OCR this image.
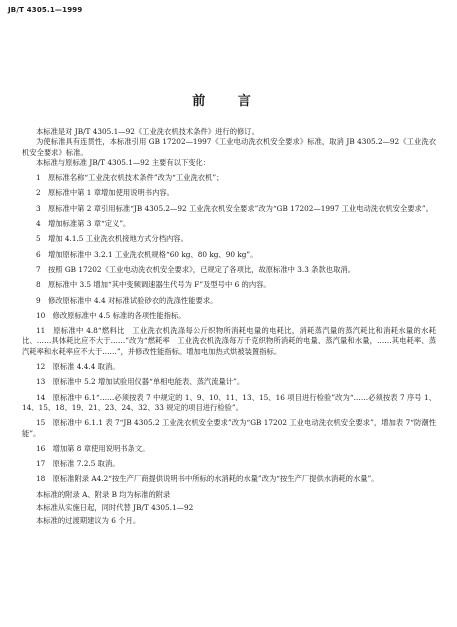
JB/T 4305.1—1999
前 言

本标准是对 JB/T 4305.1—92《工业洗衣机技术条件》进行的修订。

为使标准具有连贯性，本标准引用 GB 17202—1997《工业电动洗衣机安全要求》标准，取消 JB 4305.2—92《工业洗衣机安全要求》标准。

本标准与原标准 JB/T 4305.1—92 主要有以下变化：

1　原标准名称“工业洗衣机技术条件”改为“工业洗衣机”；

2　原标准中第 1 章增加使用说明书内容。

3　原标准中第 2 章引用标准“JB 4305.2—92 工业洗衣机安全要求”改为“GB 17202—1997 工业电动洗衣机安全要求”。

4　增加标准第 3 章“定义”。

5　增加 4.1.5 工业洗衣机接地方式分档内容。

6　增加原标准中 3.2.1 工业洗衣机规格“60 kg、80 kg、90 kg”。

7　按照 GB 17202《工业电动洗衣机安全要求》，已规定了各项比，故原标准中 3.3 条款也取消。

8　原标准中 3.5 增加“其中变频调速器生代号为 F”及型号中 6 的内容。

9　修改原标准中 4.4 对标准试验砂衣的洗涤性能要求。

10　修改原标准中 4.5 标准的各项性能指标。

11　原标准中 4.8“燃料比　工业洗衣机洗涤每公斤织物所消耗电量的电耗比，消耗蒸汽量的蒸汽耗比和消耗水量的水耗比、……具体耗比应不大于……”改为“燃耗率　工业洗衣机洗涤每万千克织物所消耗的电量、蒸汽量和水量，……其电耗率、蒸汽耗率和水耗率应不大于……”，并修改性能指标。增加电加热式烘被装置指标。

12　原标准 4.4.4 取消。

13　原标准中 5.2 增加试验用仪器“单相电能表、蒸汽流量计”。

14　原标准中 6.1“……必须按表 7 中规定的 1、9、10、11、13、15、16 项目进行检验”改为“……必须按表 7 序号 1、14、15、18、19、21、23、24、32、33 规定的项目进行检验”。

15　原标准中 6.1.1 表 7“JB 4305.2 工业洗衣机安全要求”改为“GB 17202 工业电动洗衣机安全要求”，增加表 7“防潮性能”。

16　增加第 8 章使用说明书条文。

17　原标准 7.2.5 取消。

18　原标准附录 A4.2“按生产厂商提供说明书中所标的水消耗的水量”改为“按生产厂提供水消耗的水量”。

本标准的附录 A、附录 B 均为标准的附录

本标准从实施日起，同时代替 JB/T 4305.1—92

本标准的过渡期建议为 6 个月。
